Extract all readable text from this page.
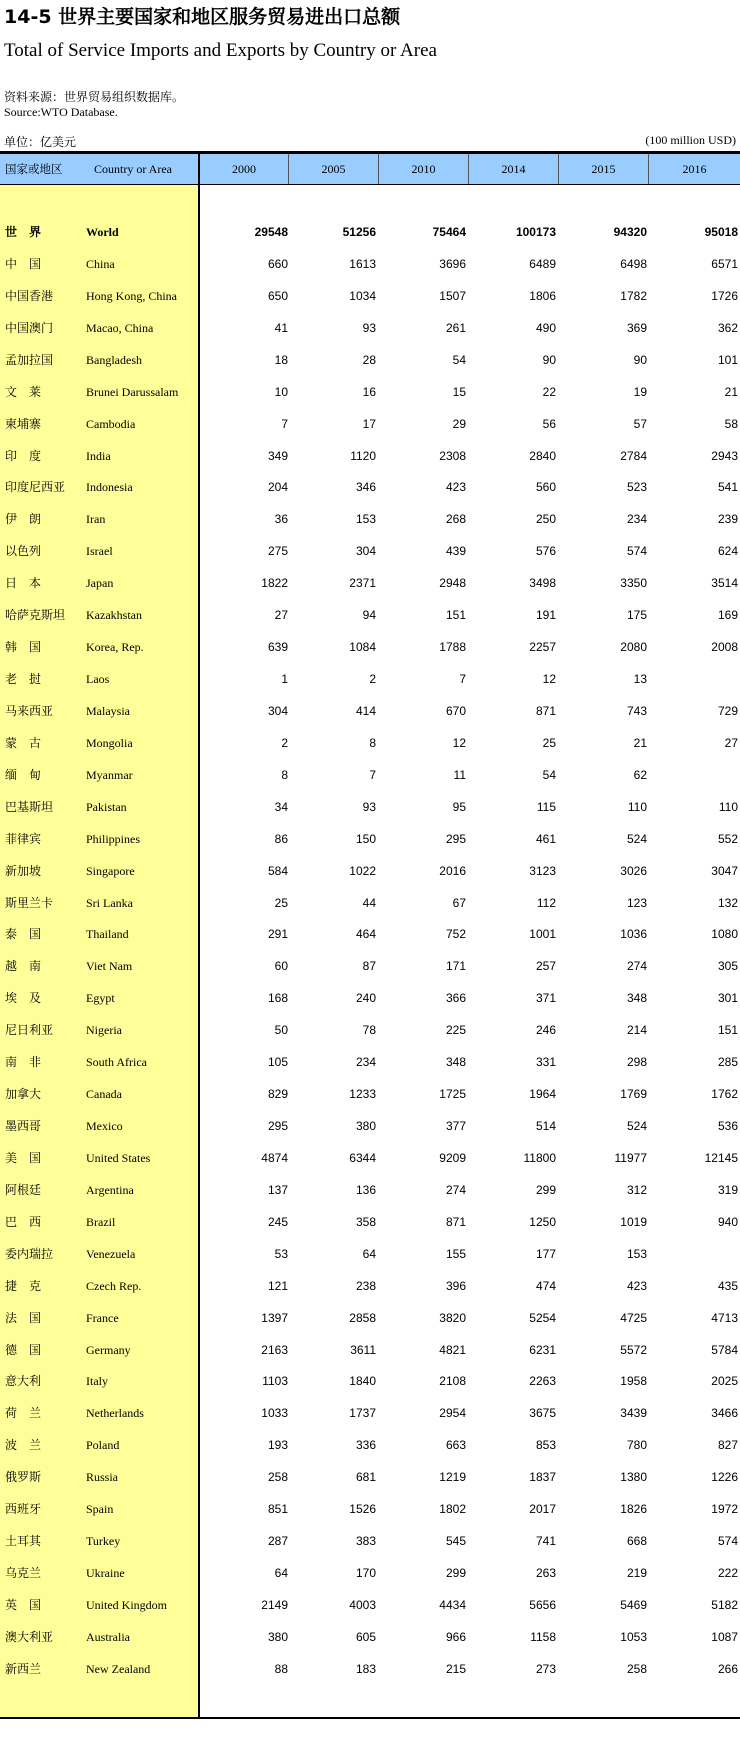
14-5 世界主要国家和地区服务贸易进出口总额
Total of Service Imports and Exports by Country or Area
资料来源：世界贸易组织数据库。
Source:WTO Database.
单位：亿美元	(100 million USD)
国家或地区	Country or Area	2000	2005	2010	2014	2015	2016
世　界	World	29548	51256	75464	100173	94320	95018
中　国	China	660	1613	3696	6489	6498	6571
中国香港	Hong Kong, China	650	1034	1507	1806	1782	1726
中国澳门	Macao, China	41	93	261	490	369	362
孟加拉国	Bangladesh	18	28	54	90	90	101
文　莱	Brunei Darussalam	10	16	15	22	19	21
柬埔寨	Cambodia	7	17	29	56	57	58
印　度	India	349	1120	2308	2840	2784	2943
印度尼西亚	Indonesia	204	346	423	560	523	541
伊　朗	Iran	36	153	268	250	234	239
以色列	Israel	275	304	439	576	574	624
日　本	Japan	1822	2371	2948	3498	3350	3514
哈萨克斯坦	Kazakhstan	27	94	151	191	175	169
韩　国	Korea, Rep.	639	1084	1788	2257	2080	2008
老　挝	Laos	1	2	7	12	13
马来西亚	Malaysia	304	414	670	871	743	729
蒙　古	Mongolia	2	8	12	25	21	27
缅　甸	Myanmar	8	7	11	54	62
巴基斯坦	Pakistan	34	93	95	115	110	110
菲律宾	Philippines	86	150	295	461	524	552
新加坡	Singapore	584	1022	2016	3123	3026	3047
斯里兰卡	Sri Lanka	25	44	67	112	123	132
泰　国	Thailand	291	464	752	1001	1036	1080
越　南	Viet Nam	60	87	171	257	274	305
埃　及	Egypt	168	240	366	371	348	301
尼日利亚	Nigeria	50	78	225	246	214	151
南　非	South Africa	105	234	348	331	298	285
加拿大	Canada	829	1233	1725	1964	1769	1762
墨西哥	Mexico	295	380	377	514	524	536
美　国	United States	4874	6344	9209	11800	11977	12145
阿根廷	Argentina	137	136	274	299	312	319
巴　西	Brazil	245	358	871	1250	1019	940
委内瑞拉	Venezuela	53	64	155	177	153
捷　克	Czech Rep.	121	238	396	474	423	435
法　国	France	1397	2858	3820	5254	4725	4713
德　国	Germany	2163	3611	4821	6231	5572	5784
意大利	Italy	1103	1840	2108	2263	1958	2025
荷　兰	Netherlands	1033	1737	2954	3675	3439	3466
波　兰	Poland	193	336	663	853	780	827
俄罗斯	Russia	258	681	1219	1837	1380	1226
西班牙	Spain	851	1526	1802	2017	1826	1972
土耳其	Turkey	287	383	545	741	668	574
乌克兰	Ukraine	64	170	299	263	219	222
英　国	United Kingdom	2149	4003	4434	5656	5469	5182
澳大利亚	Australia	380	605	966	1158	1053	1087
新西兰	New Zealand	88	183	215	273	258	266
